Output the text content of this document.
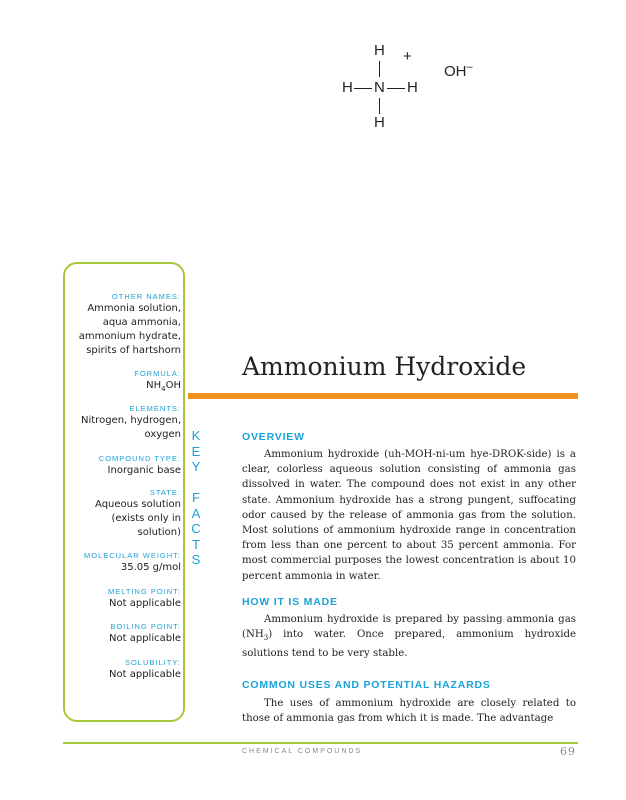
H
H N H
H
+
OH–
OTHER NAMES:
Ammonia solution, aqua ammonia, ammonium hydrate, spirits of hartshorn
FORMULA:
$NH_4OH$
ELEMENTS:
Nitrogen, hydrogen, oxygen
COMPOUND TYPE:
Inorganic base
STATE:
Aqueous solution (exists only in solution)
MOLECULAR WEIGHT:
35.05 g/mol
MELTING POINT:
Not applicable
BOILING POINT:
Not applicable
SOLUBILITY:
Not applicable
K
E
Y

F
A
C
T
S
Ammonium Hydroxide
OVERVIEW
Ammonium hydroxide (uh-MOH-ni-um hye-DROK-side) is a clear, colorless aqueous solution consisting of ammonia gas dissolved in water. The compound does not exist in any other state. Ammonium hydroxide has a strong pungent, suffocating odor caused by the release of ammonia gas from the solution. Most solutions of ammonium hydroxide range in concentration from less than one percent to about 35 percent ammonia. For most commercial purposes the lowest concentration is about 10 percent ammonia in water.
HOW IT IS MADE
Ammonium hydroxide is prepared by passing ammonia gas $(NH_3)$ into water. Once prepared, ammonium hydroxide solutions tend to be very stable.
COMMON USES AND POTENTIAL HAZARDS
The uses of ammonium hydroxide are closely related to those of ammonia gas from which it is made. The advantage
CHEMICAL COMPOUNDS	69
